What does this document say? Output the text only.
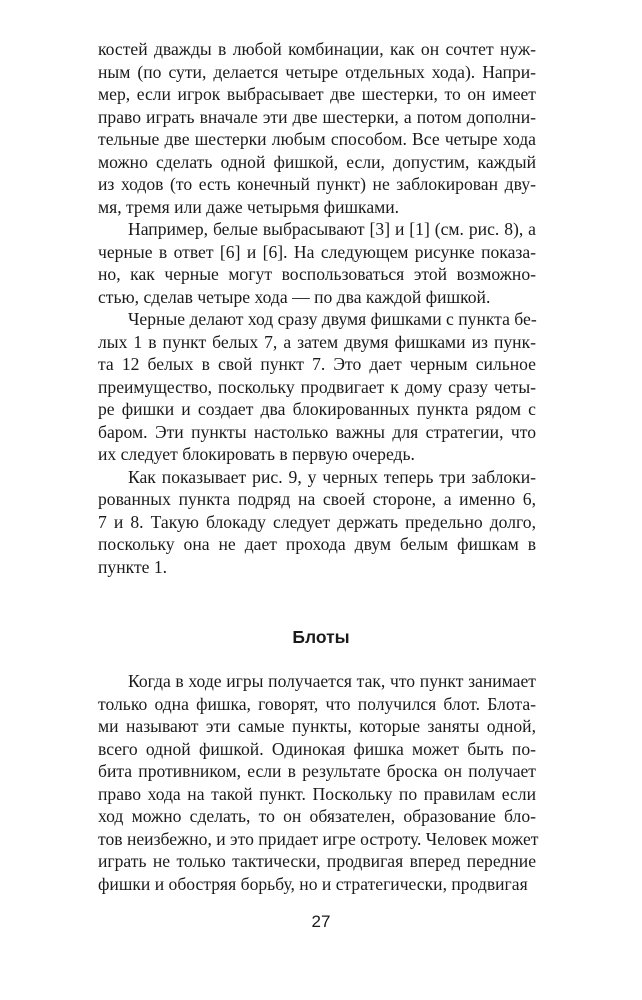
костей дважды в любой комбинации, как он сочтет нуж-
ным (по сути, делается четыре отдельных хода). Напри-
мер, если игрок выбрасывает две шестерки, то он имеет
право играть вначале эти две шестерки, а потом дополни-
тельные две шестерки любым способом. Все четыре хода
можно сделать одной фишкой, если, допустим, каждый
из ходов (то есть конечный пункт) не заблокирован дву-
мя, тремя или даже четырьмя фишками.

Например, белые выбрасывают [3] и [1] (см. рис. 8), а
черные в ответ [6] и [6]. На следующем рисунке показа-
но, как черные могут воспользоваться этой возможно-
стью, сделав четыре хода — по два каждой фишкой.

Черные делают ход сразу двумя фишками с пункта бе-
лых 1 в пункт белых 7, а затем двумя фишками из пунк-
та 12 белых в свой пункт 7. Это дает черным сильное
преимущество, поскольку продвигает к дому сразу четы-
ре фишки и создает два блокированных пункта рядом с
баром. Эти пункты настолько важны для стратегии, что
их следует блокировать в первую очередь.

Как показывает рис. 9, у черных теперь три заблоки-
рованных пункта подряд на своей стороне, а именно 6,
7 и 8. Такую блокаду следует держать предельно долго,
поскольку она не дает прохода двум белым фишкам в
пункте 1.

Блоты

Когда в ходе игры получается так, что пункт занимает
только одна фишка, говорят, что получился блот. Блота-
ми называют эти самые пункты, которые заняты одной,
всего одной фишкой. Одинокая фишка может быть по-
бита противником, если в результате броска он получает
право хода на такой пункт. Поскольку по правилам если
ход можно сделать, то он обязателен, образование бло-
тов неизбежно, и это придает игре остроту. Человек может
играть не только тактически, продвигая вперед передние
фишки и обостряя борьбу, но и стратегически, продвигая

27
